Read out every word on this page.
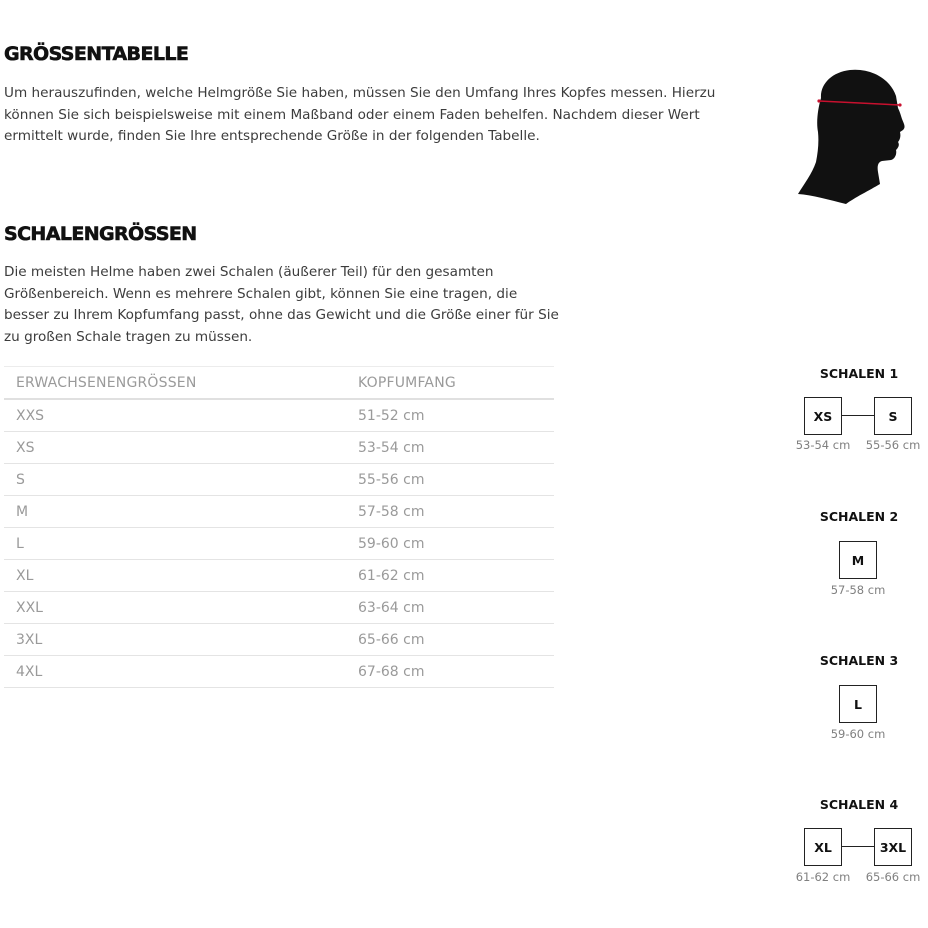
GRÖSSENTABELLE

Um herauszufinden, welche Helmgröße Sie haben, müssen Sie den Umfang Ihres Kopfes messen. Hierzu können Sie sich beispielsweise mit einem Maßband oder einem Faden behelfen. Nachdem dieser Wert ermittelt wurde, finden Sie Ihre entsprechende Größe in der folgenden Tabelle.

SCHALENGRÖSSEN

Die meisten Helme haben zwei Schalen (äußerer Teil) für den gesamten Größenbereich. Wenn es mehrere Schalen gibt, können Sie eine tragen, die besser zu Ihrem Kopfumfang passt, ohne das Gewicht und die Größe einer für Sie zu großen Schale tragen zu müssen.

ERWACHSENENGRÖSSEN	KOPFUMFANG
XXS	51-52 cm
XS	53-54 cm
S	55-56 cm
M	57-58 cm
L	59-60 cm
XL	61-62 cm
XXL	63-64 cm
3XL	65-66 cm
4XL	67-68 cm
SCHALEN 1
XS	S
53-54 cm	55-56 cm
SCHALEN 2
M
57-58 cm
SCHALEN 3
L
59-60 cm
SCHALEN 4
XL	3XL
61-62 cm	65-66 cm
